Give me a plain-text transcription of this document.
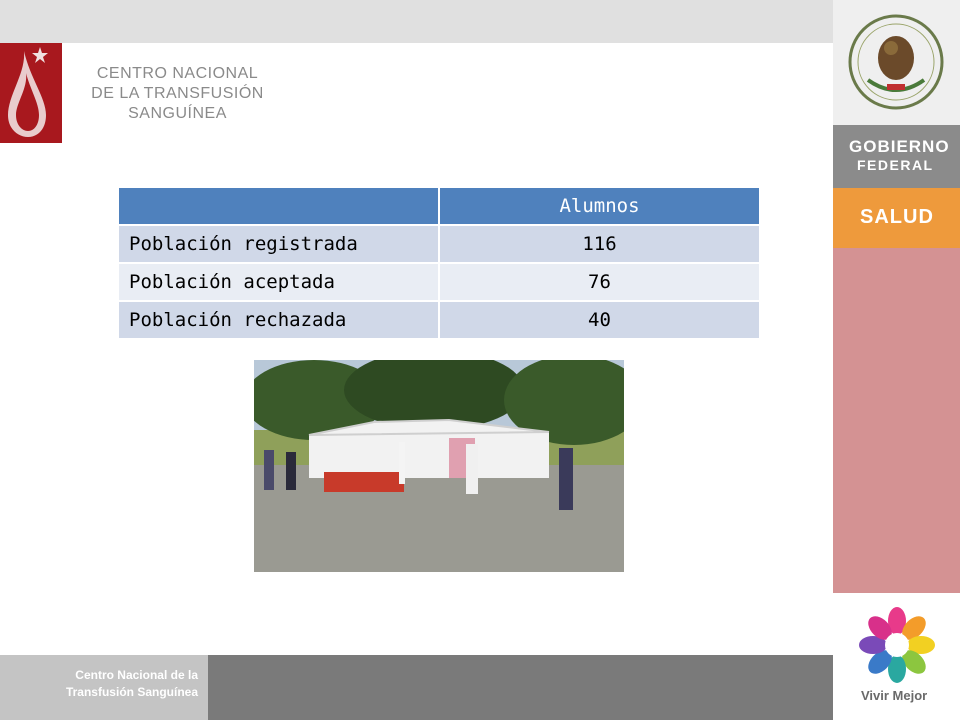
CENTRO NACIONAL
DE LA TRANSFUSIÓN
SANGUÍNEA
GOBIERNO
FEDERAL
SALUD
Vivir Mejor
	Alumnos
Población registrada	116
Población aceptada	76
Población rechazada	40
Centro Nacional de la
Transfusión Sanguínea
